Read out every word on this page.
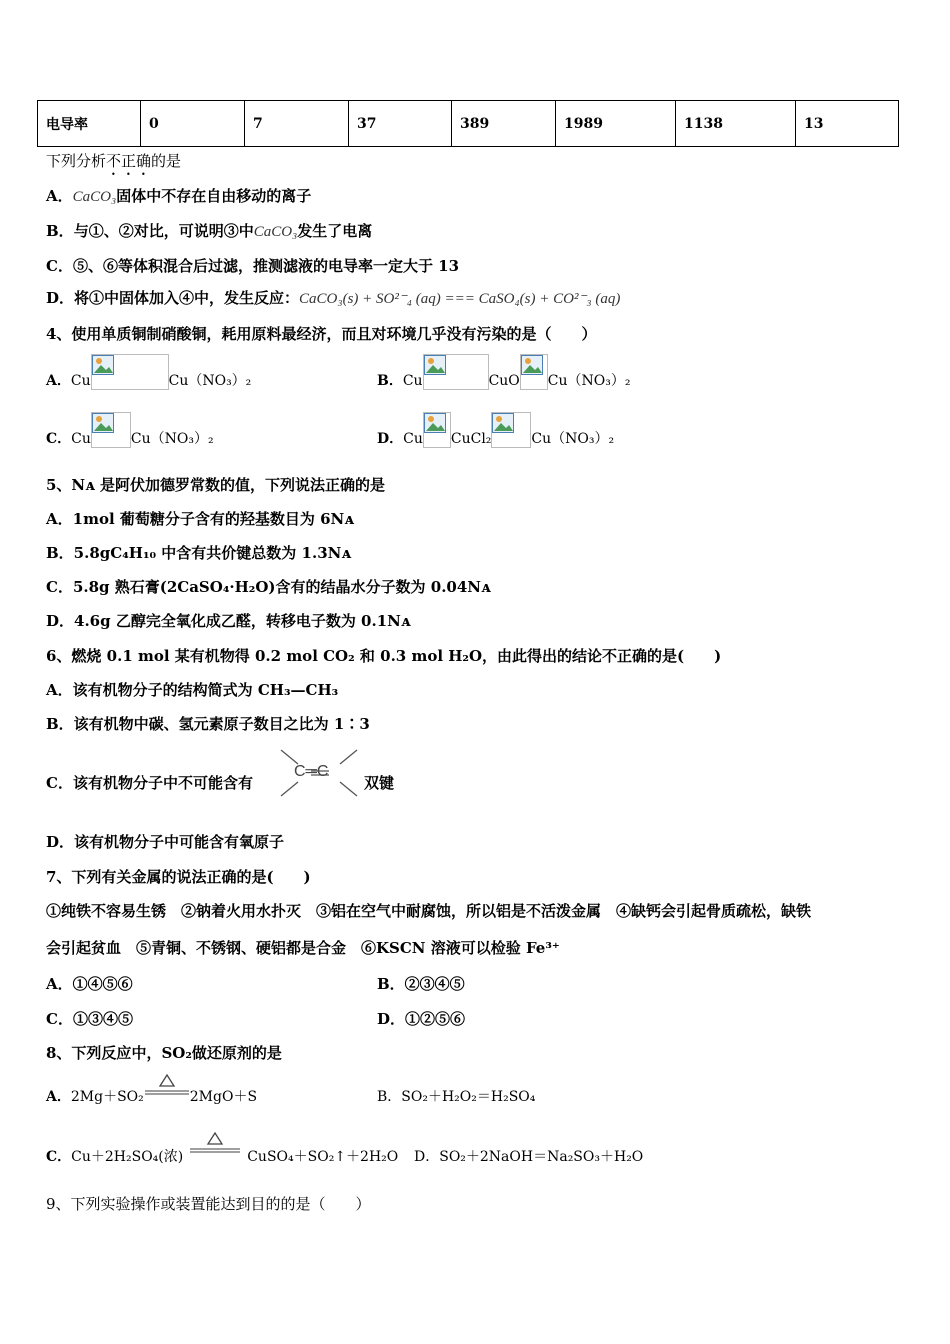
电导率	0	7	37	389	1989	1138	13
下列分析不正确的是
A．CaCO₃固体中不存在自由移动的离子
B．与①、②对比，可说明③中CaCO₃发生了电离
C．⑤、⑥等体积混合后过滤，推测滤液的电导率一定大于 13
D．将①中固体加入④中，发生反应：CaCO₃(s) + SO²⁻₄ (aq) === CaSO₄(s) + CO²⁻₃ (aq)
4、使用单质铜制硝酸铜，耗用原料最经济，而且对环境几乎没有污染的是（　　）
A．Cu	Cu（NO₃）₂	B．Cu	CuO Cu（NO₃）₂
C．Cu	Cu（NO₃）₂	D．Cu CuCl₂	Cu（NO₃）₂
5、Nᴀ 是阿伏加德罗常数的值，下列说法正确的是
A．1mol 葡萄糖分子含有的羟基数目为 6Nᴀ
B．5.8gC₄H₁₀ 中含有共价键总数为 1.3Nᴀ
C．5.8g 熟石膏(2CaSO₄·H₂O)含有的结晶水分子数为 0.04Nᴀ
D．4.6g 乙醇完全氧化成乙醛，转移电子数为 0.1Nᴀ
6、燃烧 0.1 mol 某有机物得 0.2 mol CO₂ 和 0.3 mol H₂O，由此得出的结论不正确的是(　　)
A．该有机物分子的结构简式为 CH₃—CH₃
B．该有机物中碳、氢元素原子数目之比为 1∶3
C．该有机物分子中不可能含有
C═C
双键
D．该有机物分子中可能含有氧原子
7、下列有关金属的说法正确的是(　　)
①纯铁不容易生锈　②钠着火用水扑灭　③铝在空气中耐腐蚀，所以铝是不活泼金属　④缺钙会引起骨质疏松，缺铁
会引起贫血　⑤青铜、不锈钢、硬铝都是合金　⑥KSCN 溶液可以检验 Fe³⁺
A．①④⑤⑥	B．②③④⑤
C．①③④⑤	D．①②⑤⑥
8、下列反应中，SO₂做还原剂的是
A．2Mg＋SO₂	2MgO＋S	B．SO₂＋H₂O₂＝H₂SO₄
C．Cu＋2H₂SO₄(浓)	CuSO₄＋SO₂↑＋2H₂O D．SO₂＋2NaOH＝Na₂SO₃＋H₂O
9、下列实验操作或装置能达到目的的是（　　）
